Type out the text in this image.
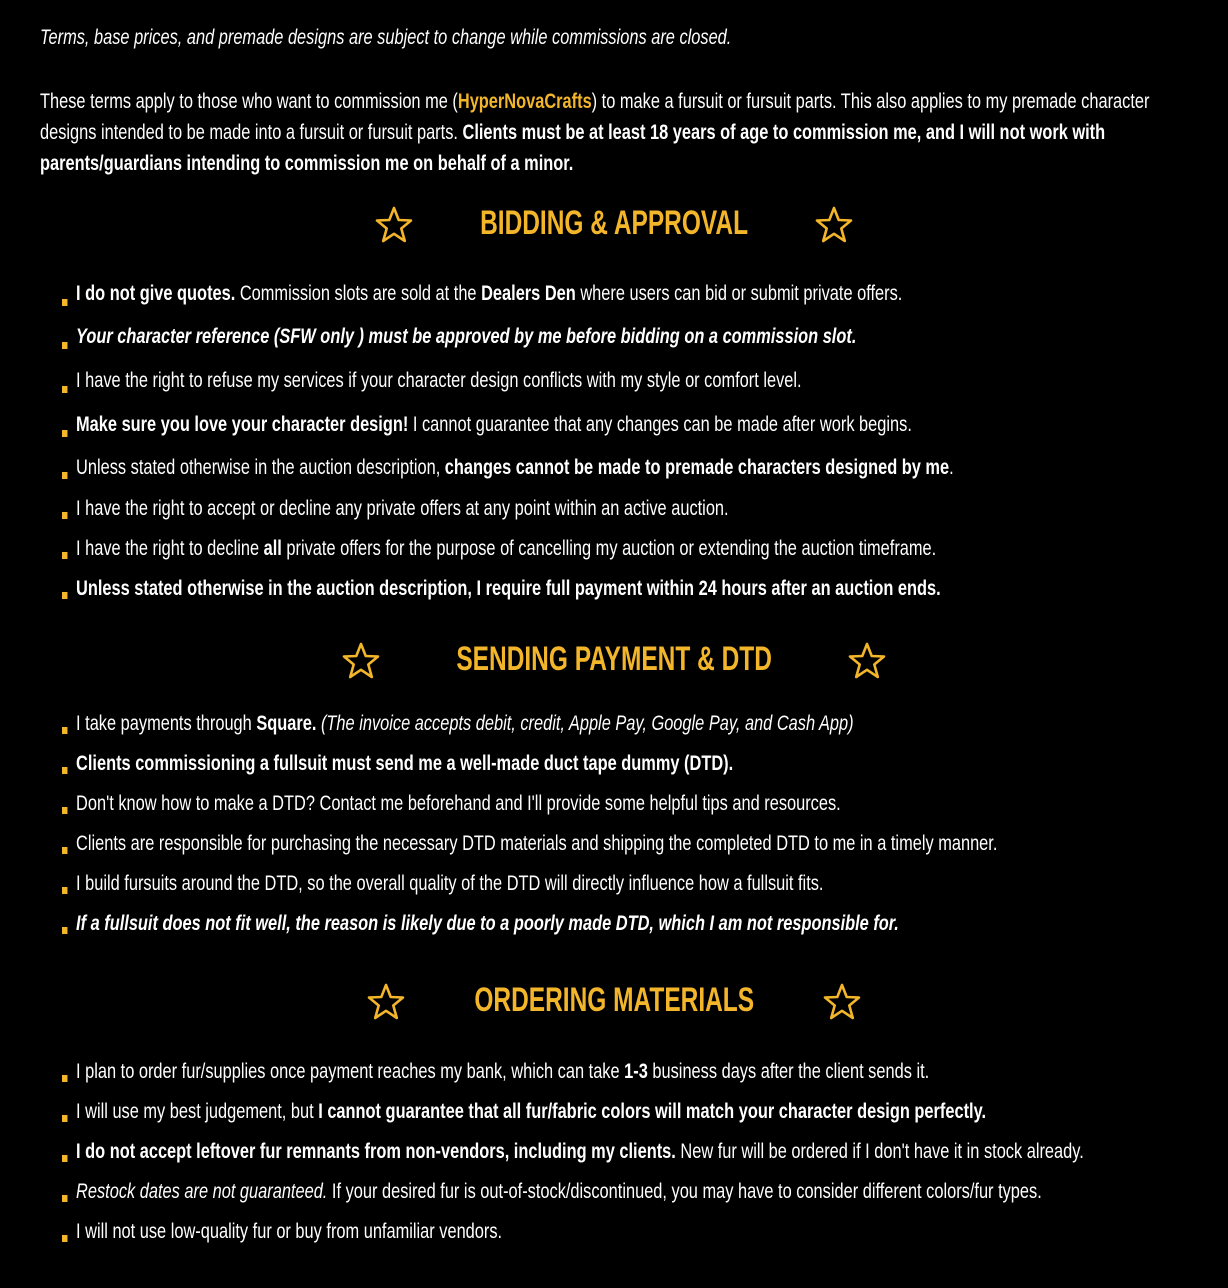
Terms, base prices, and premade designs are subject to change while commissions are closed.
These terms apply to those who want to commission me (HyperNovaCrafts) to make a fursuit or fursuit parts. This also applies to my premade character designs intended to be made into a fursuit or fursuit parts. Clients must be at least 18 years of age to commission me, and I will not work with parents/guardians intending to commission me on behalf of a minor.
BIDDING & APPROVAL
I do not give quotes. Commission slots are sold at the Dealers Den where users can bid or submit private offers.
Your character reference (SFW only ) must be approved by me before bidding on a commission slot.
I have the right to refuse my services if your character design conflicts with my style or comfort level.
Make sure you love your character design! I cannot guarantee that any changes can be made after work begins.
Unless stated otherwise in the auction description, changes cannot be made to premade characters designed by me.
I have the right to accept or decline any private offers at any point within an active auction.
I have the right to decline all private offers for the purpose of cancelling my auction or extending the auction timeframe.
Unless stated otherwise in the auction description, I require full payment within 24 hours after an auction ends.
SENDING PAYMENT & DTD
I take payments through Square. (The invoice accepts debit, credit, Apple Pay, Google Pay, and Cash App)
Clients commissioning a fullsuit must send me a well-made duct tape dummy (DTD).
Don't know how to make a DTD? Contact me beforehand and I'll provide some helpful tips and resources.
Clients are responsible for purchasing the necessary DTD materials and shipping the completed DTD to me in a timely manner.
I build fursuits around the DTD, so the overall quality of the DTD will directly influence how a fullsuit fits.
If a fullsuit does not fit well, the reason is likely due to a poorly made DTD, which I am not responsible for.
ORDERING MATERIALS
I plan to order fur/supplies once payment reaches my bank, which can take 1-3 business days after the client sends it.
I will use my best judgement, but I cannot guarantee that all fur/fabric colors will match your character design perfectly.
I do not accept leftover fur remnants from non-vendors, including my clients. New fur will be ordered if I don't have it in stock already.
Restock dates are not guaranteed. If your desired fur is out-of-stock/discontinued, you may have to consider different colors/fur types.
I will not use low-quality fur or buy from unfamiliar vendors.
